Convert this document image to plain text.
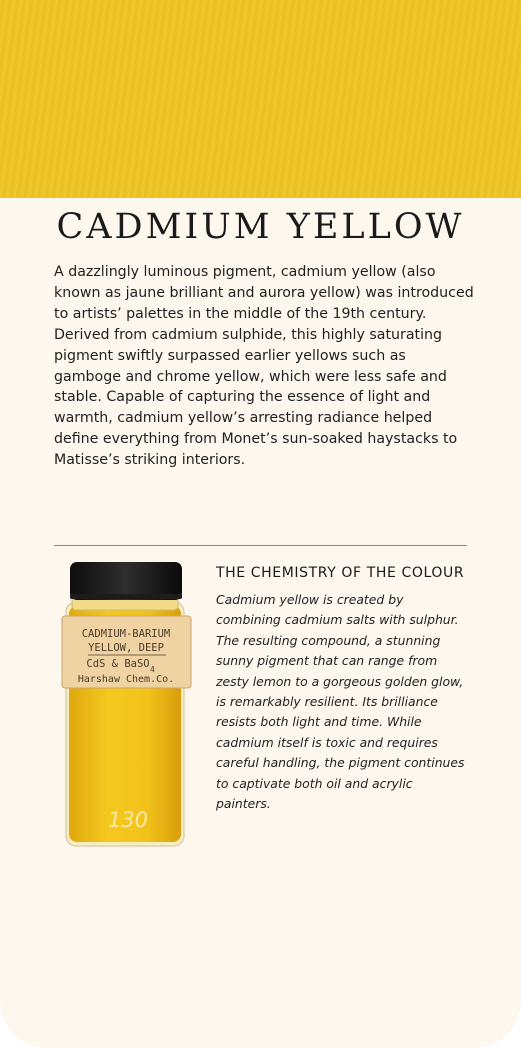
CADMIUM YELLOW

A dazzlingly luminous pigment, cadmium yellow (also known as jaune brilliant and aurora yellow) was introduced to artists’ palettes in the middle of the 19th century. Derived from cadmium sulphide, this highly saturating pigment swiftly surpassed earlier yellows such as gamboge and chrome yellow, which were less safe and stable. Capable of capturing the essence of light and warmth, cadmium yellow’s arresting radiance helped define everything from Monet’s sun-soaked haystacks to Matisse’s striking interiors.

CADMIUM-BARIUM
YELLOW, DEEP
CdS & BaSO 4
Harshaw Chem.Co.
130
THE CHEMISTRY OF THE COLOUR

Cadmium yellow is created by combining cadmium salts with sulphur. The resulting compound, a stunning sunny pigment that can range from zesty lemon to a gorgeous golden glow, is remarkably resilient. Its brilliance resists both light and time. While cadmium itself is toxic and requires careful handling, the pigment continues to captivate both oil and acrylic painters.
